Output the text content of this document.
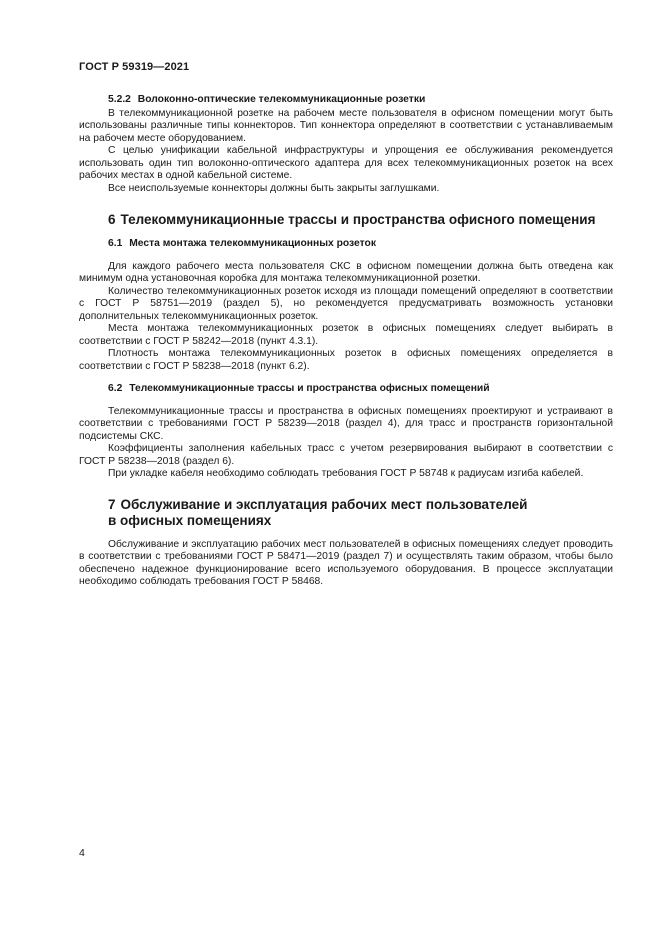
ГОСТ Р 59319—2021
5.2.2 Волоконно-оптические телекоммуникационные розетки

В телекоммуникационной розетке на рабочем месте пользователя в офисном помещении могут быть использованы различные типы коннекторов. Тип коннектора определяют в соответствии с устанавливаемым на рабочем месте оборудованием.

С целью унификации кабельной инфраструктуры и упрощения ее обслуживания рекомендуется использовать один тип волоконно-оптического адаптера для всех телекоммуникационных розеток на всех рабочих местах в одной кабельной системе.

Все неиспользуемые коннекторы должны быть закрыты заглушками.

6 Телекоммуникационные трассы и пространства офисного помещения
6.1 Места монтажа телекоммуникационных розеток

Для каждого рабочего места пользователя СКС в офисном помещении должна быть отведена как минимум одна установочная коробка для монтажа телекоммуникационной розетки.

Количество телекоммуникационных розеток исходя из площади помещений определяют в соответствии с ГОСТ Р 58751—2019 (раздел 5), но рекомендуется предусматривать возможность установки дополнительных телекоммуникационных розеток.

Места монтажа телекоммуникационных розеток в офисных помещениях следует выбирать в соответствии с ГОСТ Р 58242—2018 (пункт 4.3.1).

Плотность монтажа телекоммуникационных розеток в офисных помещениях определяется в соответствии с ГОСТ Р 58238—2018 (пункт 6.2).

6.2 Телекоммуникационные трассы и пространства офисных помещений

Телекоммуникационные трассы и пространства в офисных помещениях проектируют и устраивают в соответствии с требованиями ГОСТ Р 58239—2018 (раздел 4), для трасс и пространств горизонтальной подсистемы СКС.

Коэффициенты заполнения кабельных трасс с учетом резервирования выбирают в соответствии с ГОСТ Р 58238—2018 (раздел 6).

При укладке кабеля необходимо соблюдать требования ГОСТ Р 58748 к радиусам изгиба кабелей.

7 Обслуживание и эксплуатация рабочих мест пользователей
в офисных помещениях

Обслуживание и эксплуатацию рабочих мест пользователей в офисных помещениях следует проводить в соответствии с требованиями ГОСТ Р 58471—2019 (раздел 7) и осуществлять таким образом, чтобы было обеспечено надежное функционирование всего используемого оборудования. В процессе эксплуатации необходимо соблюдать требования ГОСТ Р 58468.

4
